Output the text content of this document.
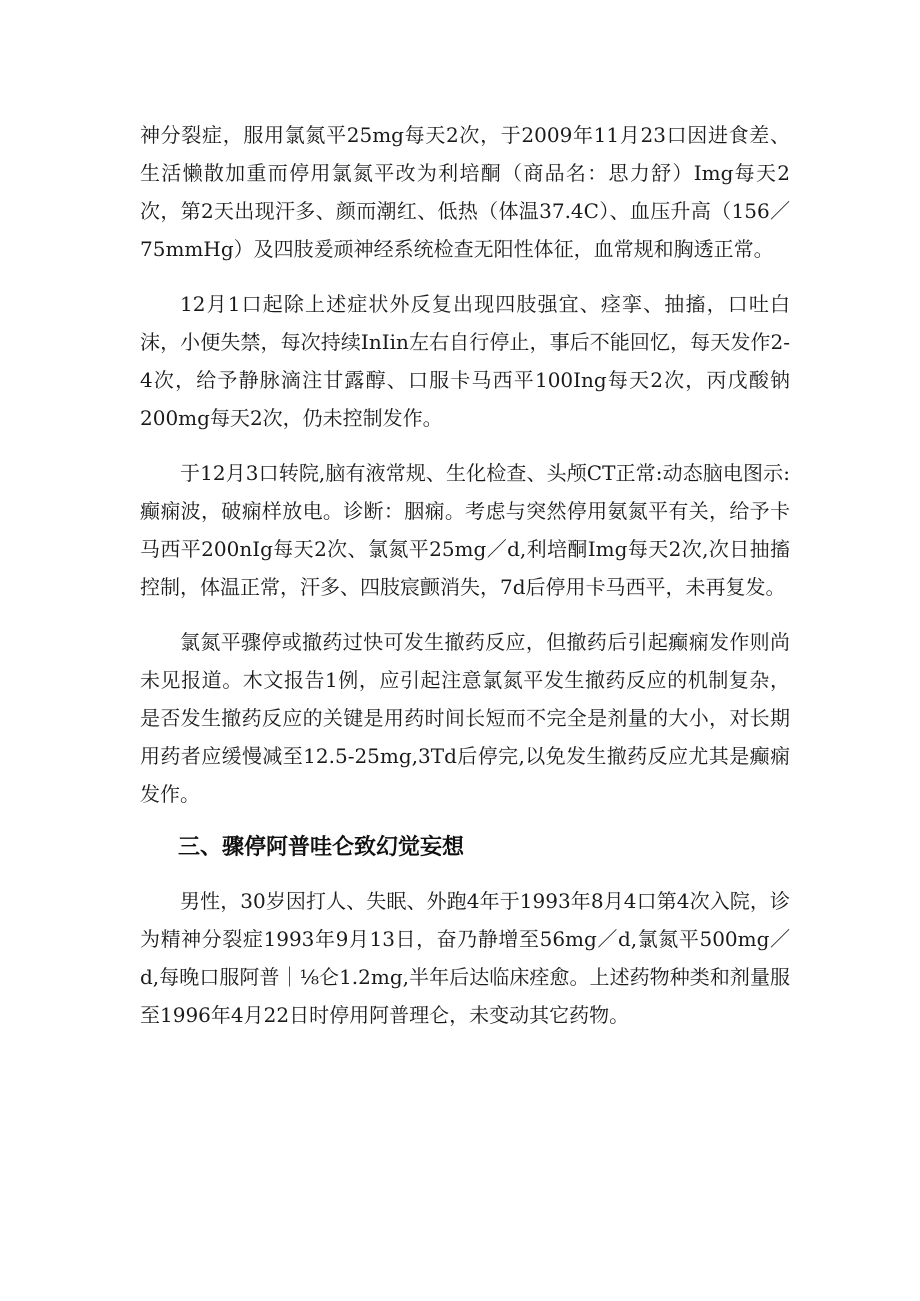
神分裂症，服用氯氮平25mg每天2次，于2009年11月23口因进食差、生活懒散加重而停用氯氮平改为利培酮（商品名：思力舒）Img每天2次，第2天出现汗多、颜而潮红、低热（体温37.4C）、血压升高（156／75mmHg）及四肢爰顽神经系统检查无阳性体征，血常规和胸透正常。

12月1口起除上述症状外反复出现四肢强宜、痉挛、抽搐，口吐白沫，小便失禁，每次持续InIin左右自行停止，事后不能回忆，每天发作2-4次，给予静脉滴注甘露醇、口服卡马西平100Ing每天2次，丙戊酸钠200mg每天2次，仍未控制发作。

于12月3口转院,脑有液常规、生化检查、头颅CT正常:动态脑电图示:癫痫波，破痫样放电。诊断：胭痫。考虑与突然停用氨氮平有关，给予卡马西平200nIg每天2次、氯氮平25mg／d,利培酮Img每天2次,次日抽搐控制，体温正常，汗多、四肢宸颤消失，7d后停用卡马西平，未再复发。

氯氮平骤停或撤药过快可发生撤药反应，但撤药后引起癫痫发作则尚未见报道。木文报告1例，应引起注意氯氮平发生撤药反应的机制复杂，是否发生撤药反应的关键是用药时间长短而不完全是剂量的大小，对长期用药者应缓慢减至12.5-25mg,3Td后停完,以免发生撤药反应尤其是癫痫发作。

三、骤停阿普哇仑致幻觉妄想

男性，30岁因打人、失眠、外跑4年于1993年8月4口第4次入院，诊为精神分裂症1993年9月13日，奋乃静增至56mg／d,氯氮平500mg／d,每晚口服阿普｜⅛仑1.2mg,半年后达临床痊愈。上述药物种类和剂量服至1996年4月22日时停用阿普理仑，未变动其它药物。
